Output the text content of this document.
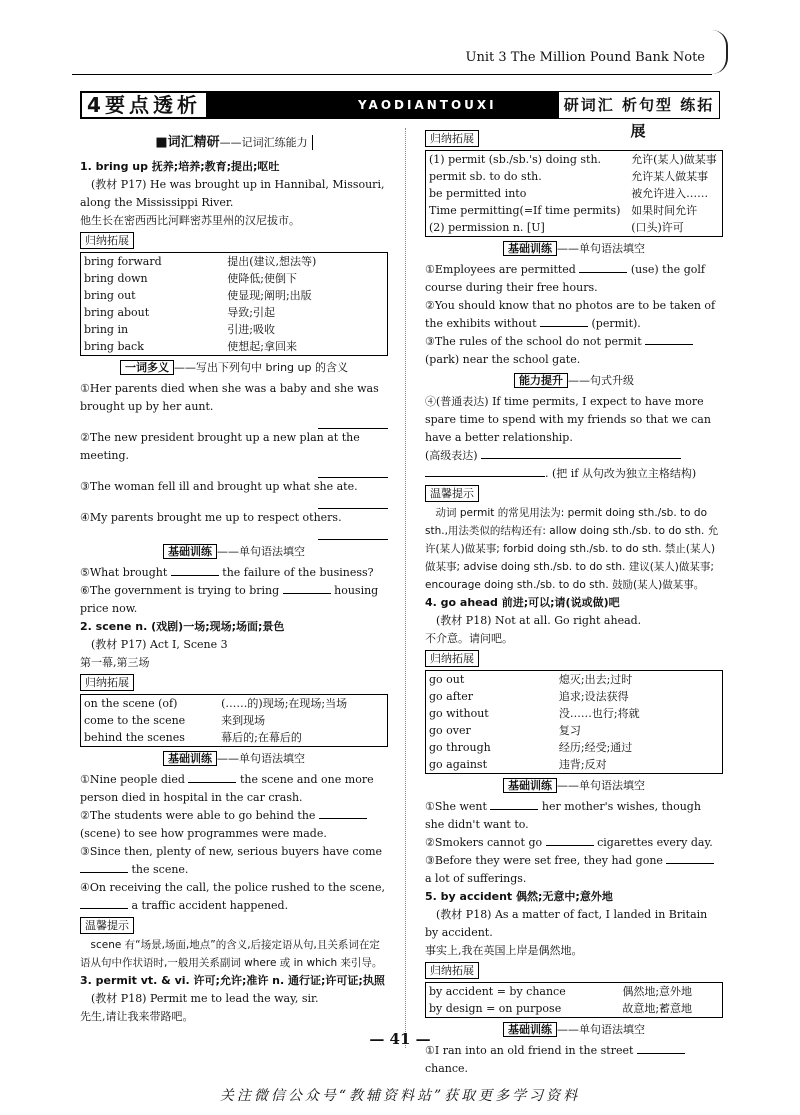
Unit 3 The Million Pound Bank Note
4要点透析	YAODIANTOUXI	研词汇 析句型 练拓展
■词汇精研——记词汇练能力

1. bring up 抚养;培养;教育;提出;呕吐

(教材 P17) He was brought up in Hannibal, Missouri, along the Mississippi River.

他生长在密西西比河畔密苏里州的汉尼拔市。

归纳拓展
bring forward	提出(建议,想法等)
bring down	使降低;使倒下
bring out	使显现;阐明;出版
bring about	导致;引起
bring in	引进;吸收
bring back	使想起;拿回来
一词多义 ——写出下列句中 bring up 的含义

①Her parents died when she was a baby and she was brought up by her aunt.

②The new president brought up a new plan at the meeting.

③The woman fell ill and brought up what she ate.

④My parents brought me up to respect others.

基础训练 ——单句语法填空

⑤What brought	the failure of the business?

⑥The government is trying to bring	housing price now.

2. scene n. (戏剧)一场;现场;场面;景色

(教材 P17) Act Ⅰ, Scene 3

第一幕,第三场

归纳拓展
on the scene (of)	(……的)现场;在现场;当场
come to the scene	来到现场
behind the scenes	幕后的;在幕后的
基础训练 ——单句语法填空

①Nine people died	the scene and one more person died in hospital in the car crash.

②The students were able to go behind the  (scene) to see how programmes were made.

③Since then, plenty of new, serious buyers have come  the scene.

④On receiving the call, the police rushed to the scene,  a traffic accident happened.

温馨提示

scene 有“场景,场面,地点”的含义,后接定语从句,且关系词在定语从句中作状语时,一般用关系副词 where 或 in which 来引导。

3. permit vt. & vi. 许可;允许;准许 n. 通行证;许可证;执照

(教材 P18) Permit me to lead the way, sir.

先生,请让我来带路吧。

归纳拓展
(1) permit (sb./sb.'s) doing sth.	允许(某人)做某事
permit sb. to do sth.	允许某人做某事
be permitted into	被允许进入……
Time permitting(=If time permits)	如果时间允许
(2) permission n. [U]	(口头)许可
基础训练 ——单句语法填空

①Employees are permitted	(use) the golf course during their free hours.

②You should know that no photos are to be taken of the exhibits without	(permit).

③The rules of the school do not permit  (park) near the school gate.

能力提升 ——句式升级

④(普通表达) If time permits, I expect to have more spare time to spend with my friends so that we can have a better relationship.

(高级表达)

. (把 if 从句改为独立主格结构)

温馨提示

动词 permit 的常见用法为: permit doing sth./sb. to do sth.,用法类似的结构还有: allow doing sth./sb. to do sth. 允许(某人)做某事; forbid doing sth./sb. to do sth. 禁止(某人)做某事; advise doing sth./sb. to do sth. 建议(某人)做某事; encourage doing sth./sb. to do sth. 鼓励(某人)做某事。

4. go ahead 前进;可以;请(说或做)吧

(教材 P18) Not at all. Go right ahead.

不介意。请问吧。

归纳拓展
go out	熄灭;出去;过时
go after	追求;设法获得
go without	没……也行;将就
go over	复习
go through	经历;经受;通过
go against	违背;反对
基础训练 ——单句语法填空

①She went	her mother's wishes, though she didn't want to.

②Smokers cannot go	cigarettes every day.

③Before they were set free, they had gone  a lot of sufferings.

5. by accident 偶然;无意中;意外地

(教材 P18) As a matter of fact, I landed in Britain by accident.

事实上,我在英国上岸是偶然地。

归纳拓展
by accident = by chance	偶然地;意外地
by design = on purpose	故意地;蓄意地
基础训练 ——单句语法填空

①I ran into an old friend in the street  chance.

— 41 —
关注微信公众号“教辅资料站”获取更多学习资料
